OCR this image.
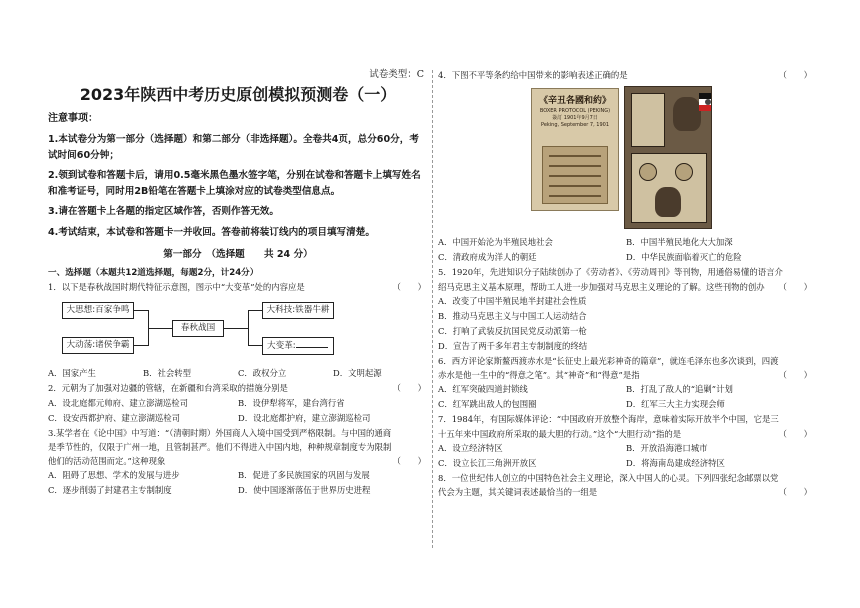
试卷类型：C
2023年陕西中考历史原创模拟预测卷（一）
注意事项：
1.本试卷分为第一部分（选择题）和第二部分（非选择题）。全卷共4页，总分60分，考试时间60分钟；
2.领到试卷和答题卡后，请用0.5毫米黑色墨水签字笔，分别在试卷和答题卡上填写姓名和准考证号，同时用2B铅笔在答题卡上填涂对应的试卷类型信息点。
3.请在答题卡上各题的指定区域作答，否则作答无效。
4.考试结束，本试卷和答题卡一并收回。答卷前将装订线内的项目填写清楚。
第一部分　（选择题　　共 24 分）
一、选择题（本题共12道选择题，每题2分，计24分）
1．以下是春秋战国时期代特征示意图，图示中“大变革”处的内容应是	（　　）
大思想:百家争鸣
大动荡:诸侯争霸
春秋战国
大科技:铁器牛耕
大变革:
A．国家产生	B．社会转型	C．政权分立	D．文明起源
2．元朝为了加强对边疆的管辖，在新疆和台湾采取的措施分别是	（　　）
A．设北庭都元帅府、建立澎湖巡检司	B．设伊犁将军，建台湾行省
C．设安西都护府、建立澎湖巡检司	D．设北庭都护府，建立澎湖巡检司
3.某学者在《论中国》中写道：“（清朝时期）外国商人入境中国受到严格限制。与中国的通商是季节性的，仅限于广州一地，且管制甚严。他们不得进入中国内地，种种规章制度专为限制他们的活动范围而定。”这种现象	（　　）
A．阻碍了思想、学术的发展与进步	B．促进了多民族国家的巩固与发展
C．逐步削弱了封建君主专制制度	D．使中国逐渐落伍于世界历史进程
4．下图不平等条约给中国带来的影响表述正确的是	（　　）
《辛丑各國和約》
BOXER PROTOCOL (PEKING)
簽訂 1901年9月7日
Peking, September 7, 1901
A．中国开始沦为半殖民地社会	B．中国半殖民地化大大加深
C．清政府成为洋人的朝廷	D．中华民族面临着灭亡的危险
5．1920年，先进知识分子陆续创办了《劳动者》、《劳动周刊》等刊物，用通俗易懂的语言介绍马克思主义基本原理，帮助工人进一步加强对马克思主义理论的了解。这些刊物的创办 （　　）
A．改变了中国半殖民地半封建社会性质
B．推动马克思主义与中国工人运动结合
C．打响了武装反抗国民党反动派第一枪
D．宣告了两千多年君主专制制度的终结
6．西方评论家斯鳌西渡赤水是“长征史上最光彩神奇的篇章”，就连毛泽东也多次谈到，四渡赤水是他一生中的“得意之笔”。其“神奇”和“得意”是指	（　　）
A．红军突破四道封锁线	B．打乱了敌人的“追剿”计划
C．红军跳出敌人的包围圈	D．红军三大主力实现会师
7．1984年，有国际媒体评论：“中国政府开放整个海岸，意味着实际开放半个中国，它是三十五年来中国政府所采取的最大胆的行动。”这个“大胆行动”指的是	（　　）
A．设立经济特区	B．开放沿海港口城市
C．设立长江三角洲开放区	D．将海南岛建成经济特区
8．一位世纪伟人创立的中国特色社会主义理论，深入中国人的心灵。下列四张纪念邮票以党代会为主题，其关键词表述最恰当的一组是	（　　）
